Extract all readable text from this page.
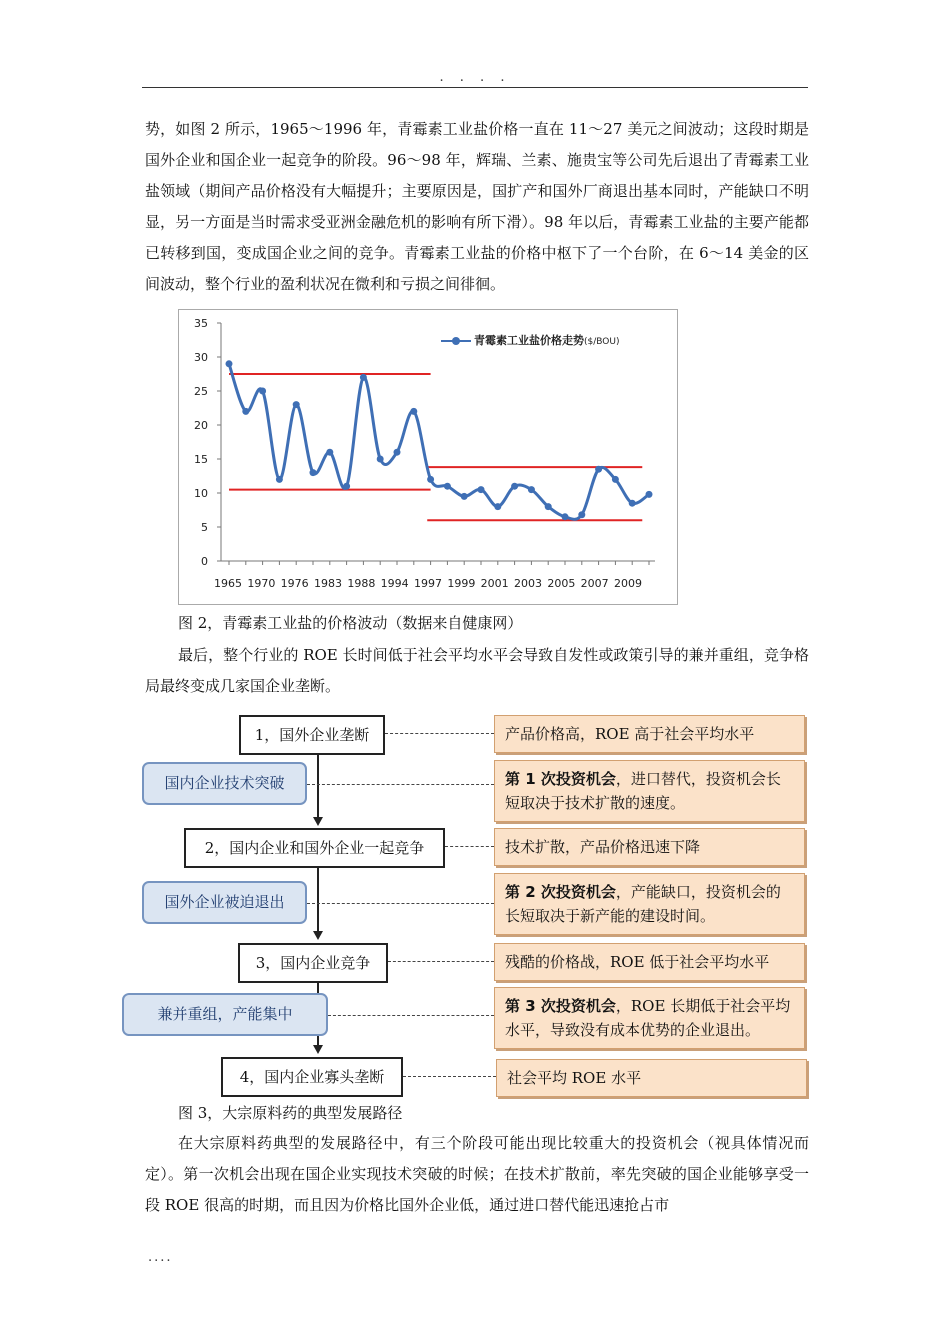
. . . .
势，如图 2 所示，1965～1996 年，青霉素工业盐价格一直在 11～27 美元之间波动；这段时期是国外企业和国企业一起竞争的阶段。96～98 年，辉瑞、兰素、施贵宝等公司先后退出了青霉素工业盐领域（期间产品价格没有大幅提升；主要原因是，国扩产和国外厂商退出基本同时，产能缺口不明显，另一方面是当时需求受亚洲金融危机的影响有所下滑）。98 年以后，青霉素工业盐的主要产能都已转移到国，变成国企业之间的竞争。青霉素工业盐的价格中枢下了一个台阶，在 6～14 美金的区间波动，整个行业的盈利状况在微利和亏损之间徘徊。
0
5
10
15
20
25
30
35
1965 1970 1976 1983 1988 1994 1997 1999 2001 2003 2005 2007 2009
青霉素工业盐价格走势($/BOU)
图 2，青霉素工业盐的价格波动（数据来自健康网）
最后，整个行业的 ROE 长时间低于社会平均水平会导致自发性或政策引导的兼并重组，竞争格局最终变成几家国企业垄断。
1，国外企业垄断
2，国内企业和国外企业一起竞争
3，国内企业竞争
4，国内企业寡头垄断
国内企业技术突破
国外企业被迫退出
兼并重组，产能集中
产品价格高，ROE 高于社会平均水平
第 1 次投资机会，进口替代，投资机会长短取决于技术扩散的速度。
技术扩散，产品价格迅速下降
第 2 次投资机会，产能缺口，投资机会的长短取决于新产能的建设时间。
残酷的价格战，ROE 低于社会平均水平
第 3 次投资机会，ROE 长期低于社会平均水平，导致没有成本优势的企业退出。
社会平均 ROE 水平
图 3，大宗原料药的典型发展路径
在大宗原料药典型的发展路径中，有三个阶段可能出现比较重大的投资机会（视具体情况而定）。第一次机会出现在国企业实现技术突破的时候；在技术扩散前，率先突破的国企业能够享受一段 ROE 很高的时期，而且因为价格比国外企业低，通过进口替代能迅速抢占市
....
